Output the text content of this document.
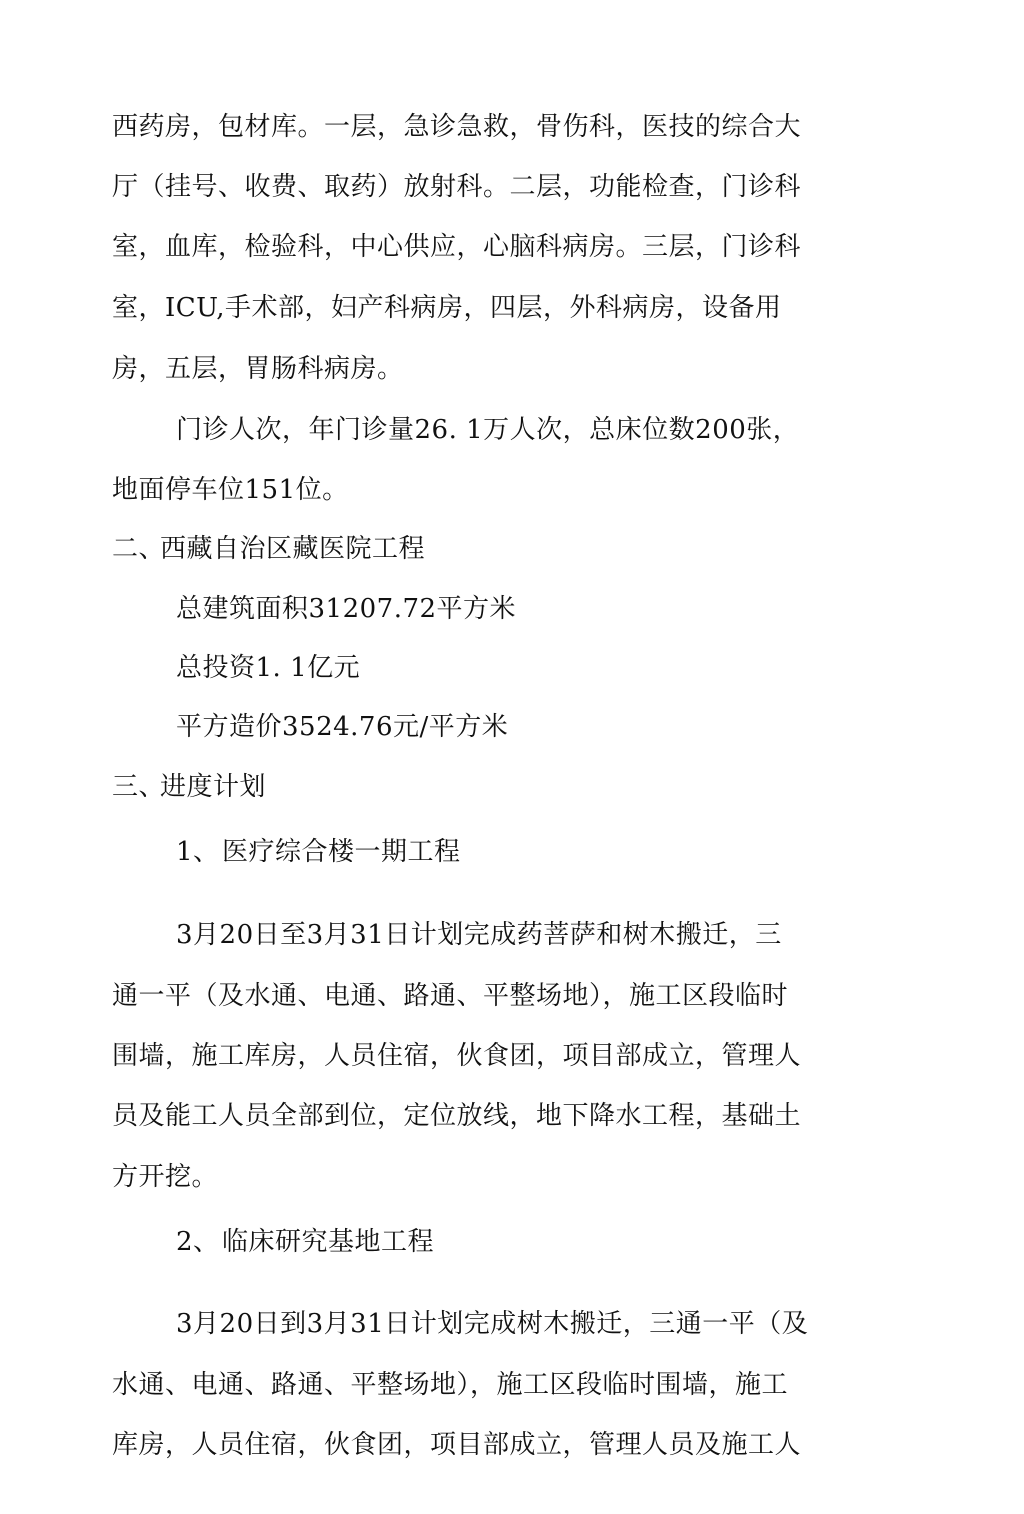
西药房，包材库。一层，急诊急救，骨伤科，医技的综合大
厅（挂号、收费、取药）放射科。二层，功能检查，门诊科
室，血库，检验科，中心供应，心脑科病房。三层，门诊科
室，ICU,手术部，妇产科病房，四层，外科病房，设备用
房，五层，胃肠科病房。
门诊人次，年门诊量26. 1万人次，总床位数200张，
地面停车位151位。
二、西藏自治区藏医院工程
总建筑面积31207.72平方米
总投资1. 1亿元
平方造价3524.76元/平方米
三、进度计划
1、医疗综合楼一期工程
3月20日至3月31日计划完成药菩萨和树木搬迁，三
通一平（及水通、电通、路通、平整场地），施工区段临时
围墙，施工库房，人员住宿，伙食团，项目部成立，管理人
员及能工人员全部到位，定位放线，地下降水工程，基础土
方开挖。
2、临床研究基地工程
3月20日到3月31日计划完成树木搬迁，三通一平（及
水通、电通、路通、平整场地），施工区段临时围墙，施工
库房，人员住宿，伙食团，项目部成立，管理人员及施工人
